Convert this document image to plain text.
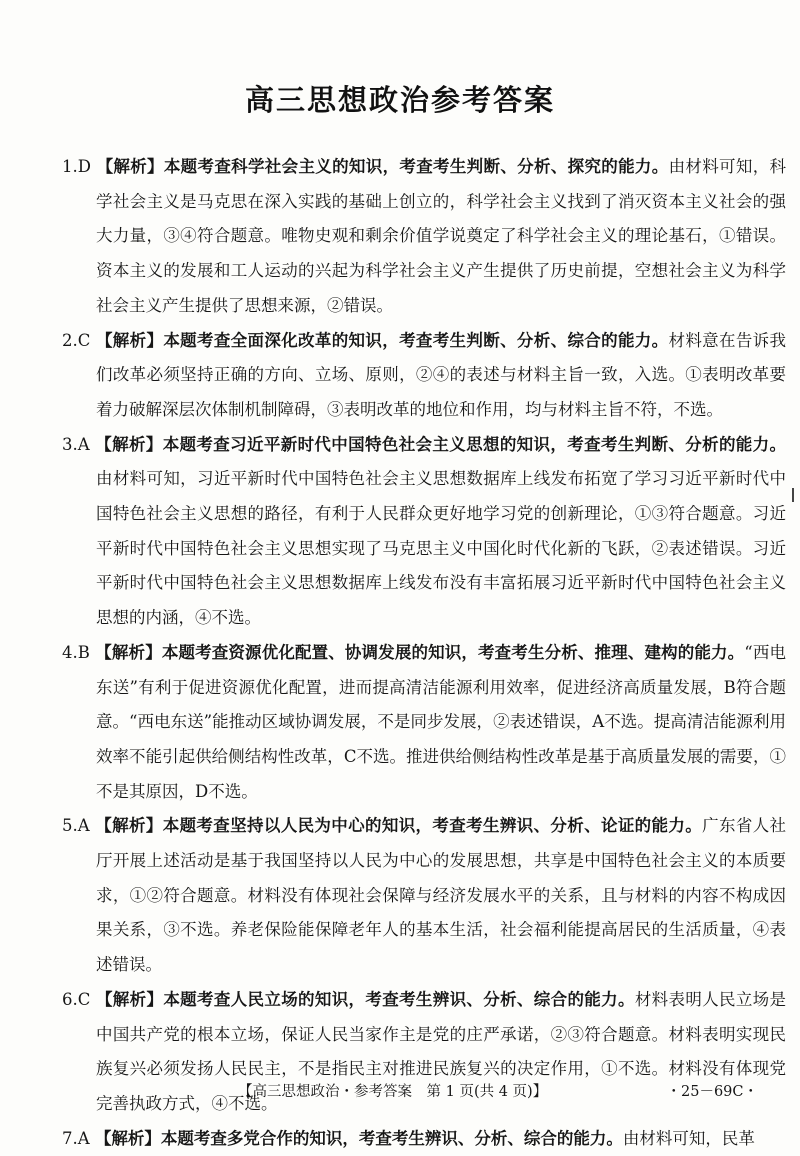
高三思想政治参考答案

1.D 【解析】本题考查科学社会主义的知识，考查考生判断、分析、探究的能力。由材料可知，科学社会主义是马克思在深入实践的基础上创立的，科学社会主义找到了消灭资本主义社会的强大力量，③④符合题意。唯物史观和剩余价值学说奠定了科学社会主义的理论基石，①错误。资本主义的发展和工人运动的兴起为科学社会主义产生提供了历史前提，空想社会主义为科学社会主义产生提供了思想来源，②错误。

2.C 【解析】本题考查全面深化改革的知识，考查考生判断、分析、综合的能力。材料意在告诉我们改革必须坚持正确的方向、立场、原则，②④的表述与材料主旨一致，入选。①表明改革要着力破解深层次体制机制障碍，③表明改革的地位和作用，均与材料主旨不符，不选。

3.A 【解析】本题考查习近平新时代中国特色社会主义思想的知识，考查考生判断、分析的能力。由材料可知，习近平新时代中国特色社会主义思想数据库上线发布拓宽了学习习近平新时代中国特色社会主义思想的路径，有利于人民群众更好地学习党的创新理论，①③符合题意。习近平新时代中国特色社会主义思想实现了马克思主义中国化时代化新的飞跃，②表述错误。习近平新时代中国特色社会主义思想数据库上线发布没有丰富拓展习近平新时代中国特色社会主义思想的内涵，④不选。

4.B 【解析】本题考查资源优化配置、协调发展的知识，考查考生分析、推理、建构的能力。“西电东送”有利于促进资源优化配置，进而提高清洁能源利用效率，促进经济高质量发展，B符合题意。“西电东送”能推动区域协调发展，不是同步发展，②表述错误，A不选。提高清洁能源利用效率不能引起供给侧结构性改革，C不选。推进供给侧结构性改革是基于高质量发展的需要，①不是其原因，D不选。

5.A 【解析】本题考查坚持以人民为中心的知识，考查考生辨识、分析、论证的能力。广东省人社厅开展上述活动是基于我国坚持以人民为中心的发展思想，共享是中国特色社会主义的本质要求，①②符合题意。材料没有体现社会保障与经济发展水平的关系，且与材料的内容不构成因果关系，③不选。养老保险能保障老年人的基本生活，社会福利能提高居民的生活质量，④表述错误。

6.C 【解析】本题考查人民立场的知识，考查考生辨识、分析、综合的能力。材料表明人民立场是中国共产党的根本立场，保证人民当家作主是党的庄严承诺，②③符合题意。材料表明实现民族复兴必须发扬人民民主，不是指民主对推进民族复兴的决定作用，①不选。材料没有体现党完善执政方式，④不选。

7.A 【解析】本题考查多党合作的知识，考查考生辨识、分析、综合的能力。由材料可知，民革

【高三思想政治・参考答案　第 1 页(共 4 页)】	・25－69C・
